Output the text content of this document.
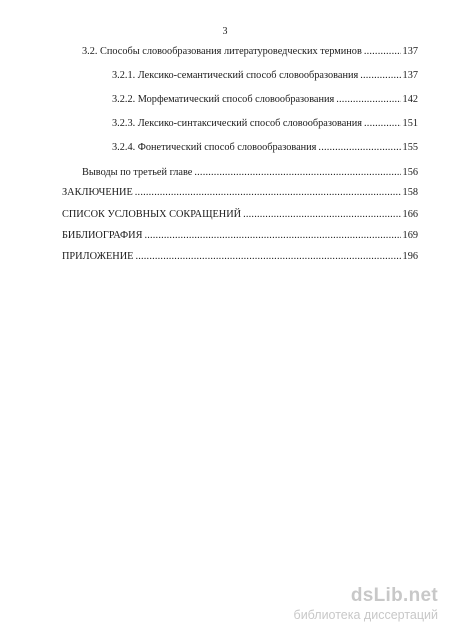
3
3.2. Способы словообразования литературоведческих терминов .....	137
3.2.1. Лексико-семантический способ словообразования .....	137
3.2.2. Морфематический способ словообразования .....	142
3.2.3. Лексико-синтаксический способ словообразования .....	151
3.2.4. Фонетический способ словообразования .....	155
Выводы по третьей главе .....	156
ЗАКЛЮЧЕНИЕ .....	158
СПИСОК УСЛОВНЫХ СОКРАЩЕНИЙ .....	166
БИБЛИОГРАФИЯ .....	169
ПРИЛОЖЕНИЕ .....	196
dsLib.net
библиотека диссертаций
